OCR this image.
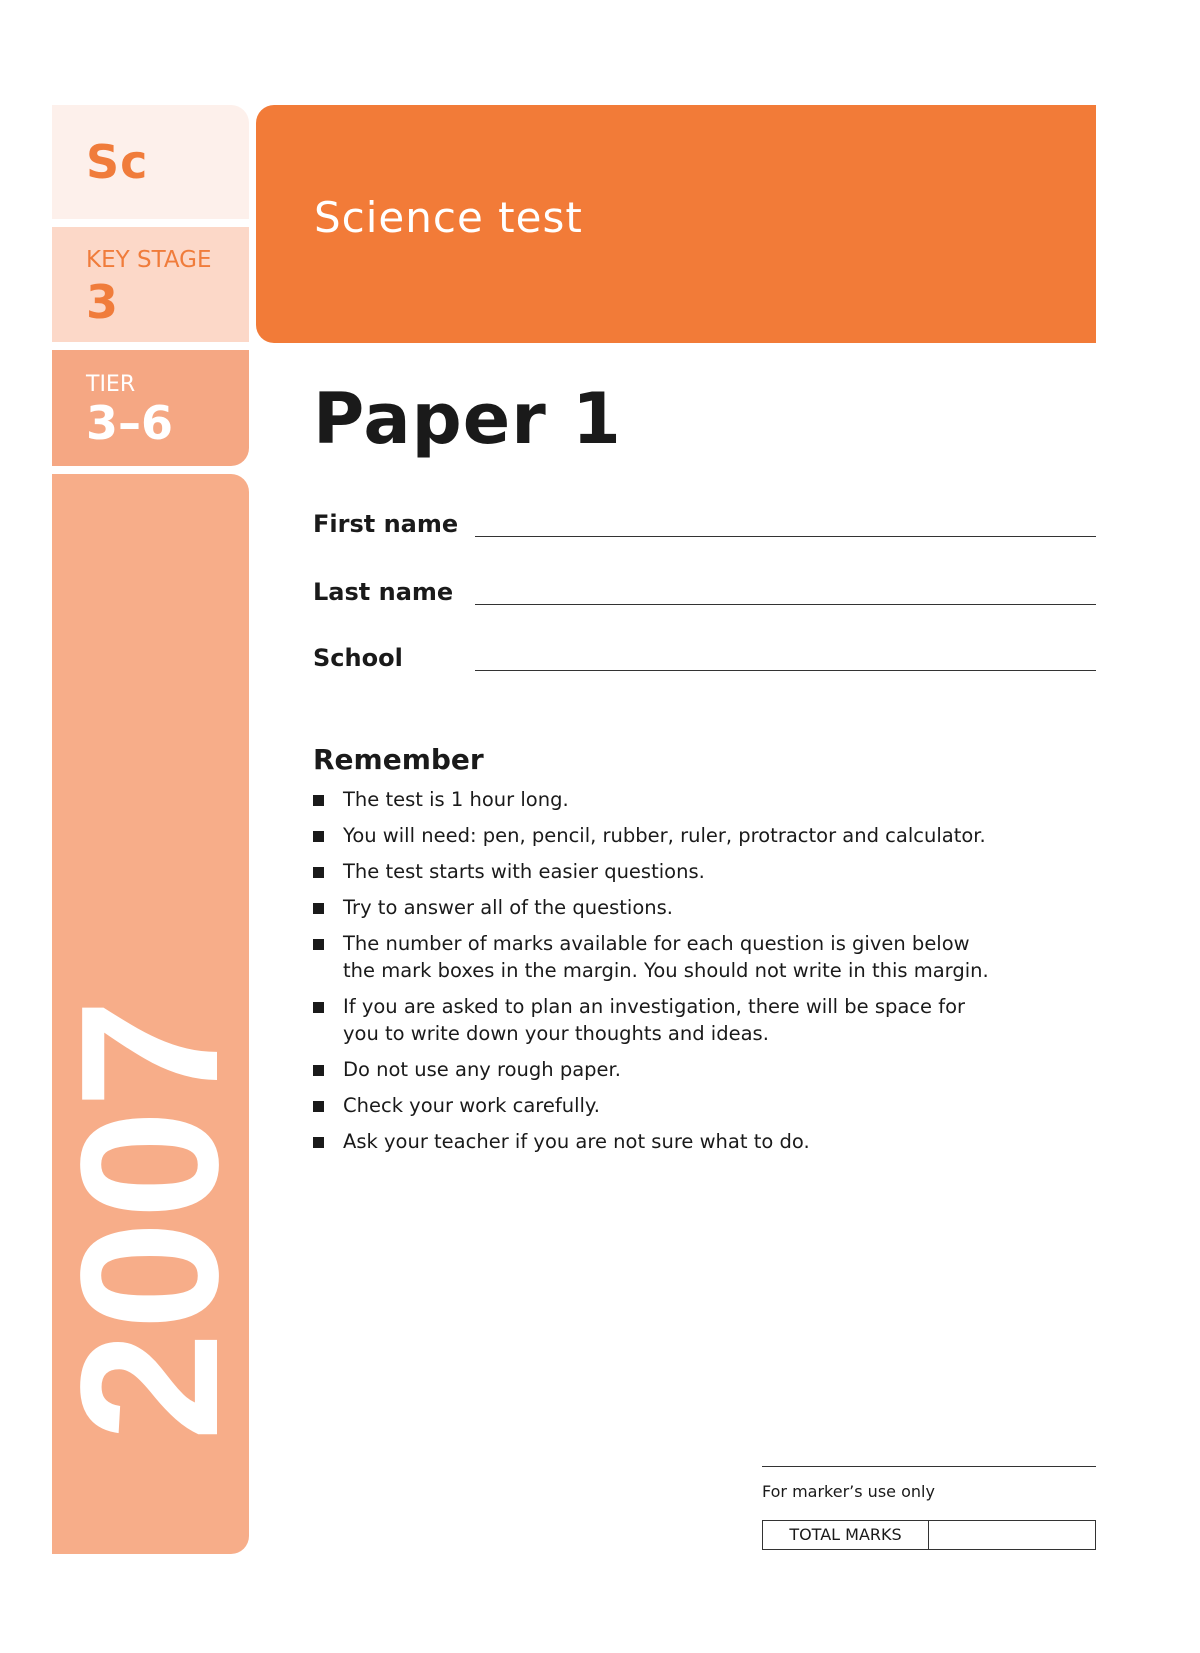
Sc
KEY STAGE
3
TIER
3–6
2007
Science test
Paper 1
First name
Last name
School
Remember
The test is 1 hour long.
You will need: pen, pencil, rubber, ruler, protractor and calculator.
The test starts with easier questions.
Try to answer all of the questions.
The number of marks available for each question is given below the mark boxes in the margin. You should not write in this margin.
If you are asked to plan an investigation, there will be space for you to write down your thoughts and ideas.
Do not use any rough paper.
Check your work carefully.
Ask your teacher if you are not sure what to do.
For marker’s use only
TOTAL MARKS
